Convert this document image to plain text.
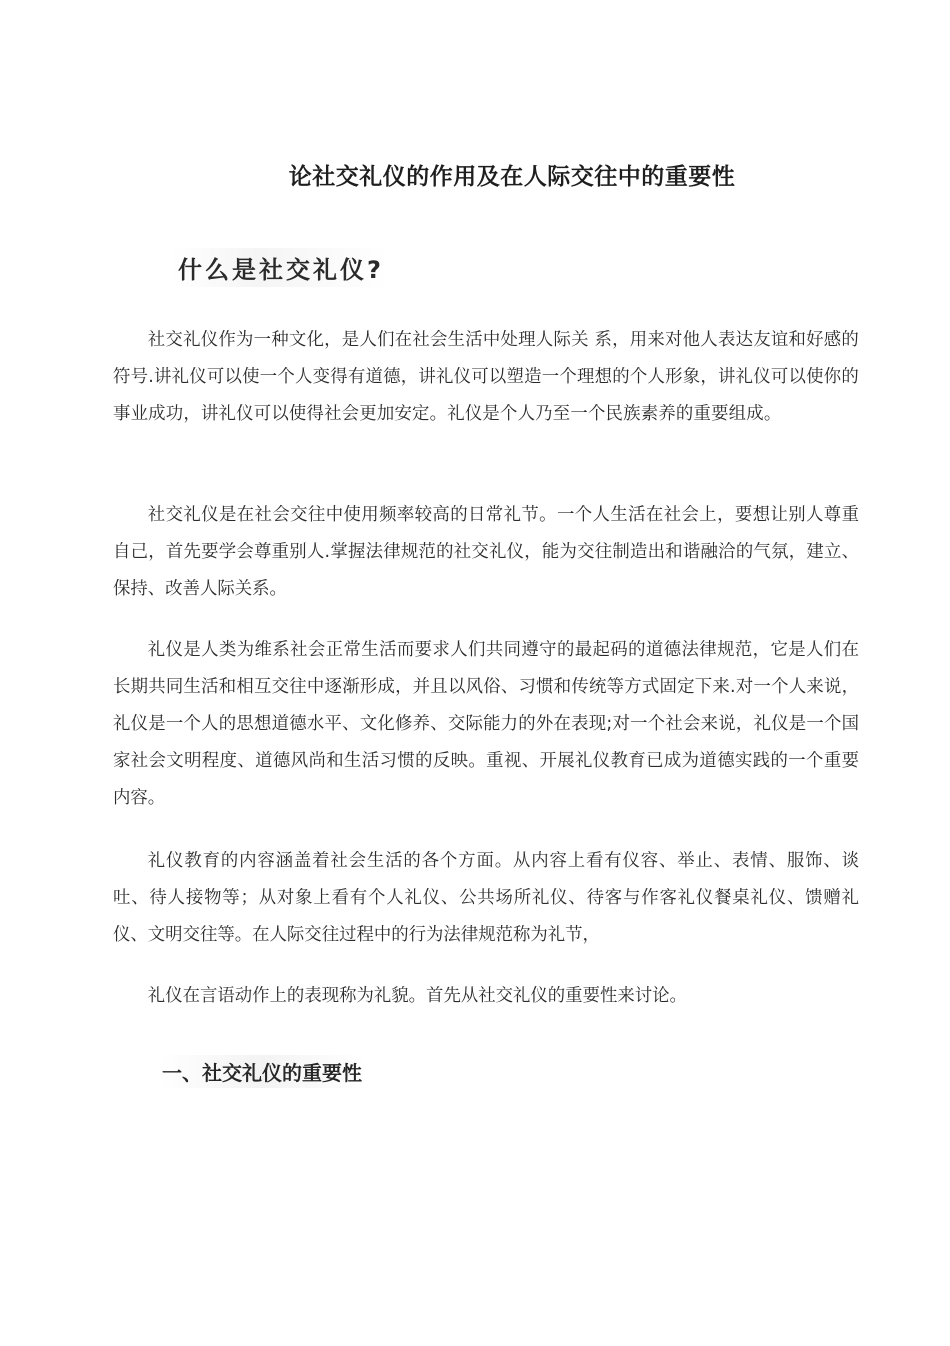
论社交礼仪的作用及在人际交往中的重要性
什么是社交礼仪?

社交礼仪作为一种文化，是人们在社会生活中处理人际关 系，用来对他人表达友谊和好感的符号.讲礼仪可以使一个人变得有道德，讲礼仪可以塑造一个理想的个人形象，讲礼仪可以使你的事业成功，讲礼仪可以使得社会更加安定。礼仪是个人乃至一个民族素养的重要组成。

社交礼仪是在社会交往中使用频率较高的日常礼节。一个人生活在社会上，要想让别人尊重自己，首先要学会尊重别人.掌握法律规范的社交礼仪，能为交往制造出和谐融洽的气氛，建立、保持、改善人际关系。

礼仪是人类为维系社会正常生活而要求人们共同遵守的最起码的道德法律规范，它是人们在长期共同生活和相互交往中逐渐形成，并且以风俗、习惯和传统等方式固定下来.对一个人来说，礼仪是一个人的思想道德水平、文化修养、交际能力的外在表现;对一个社会来说，礼仪是一个国家社会文明程度、道德风尚和生活习惯的反映。重视、开展礼仪教育已成为道德实践的一个重要内容。

礼仪教育的内容涵盖着社会生活的各个方面。从内容上看有仪容、举止、表情、服饰、谈吐、待人接物等；从对象上看有个人礼仪、公共场所礼仪、待客与作客礼仪餐桌礼仪、馈赠礼仪、文明交往等。在人际交往过程中的行为法律规范称为礼节，

礼仪在言语动作上的表现称为礼貌。首先从社交礼仪的重要性来讨论。

一、社交礼仪的重要性
